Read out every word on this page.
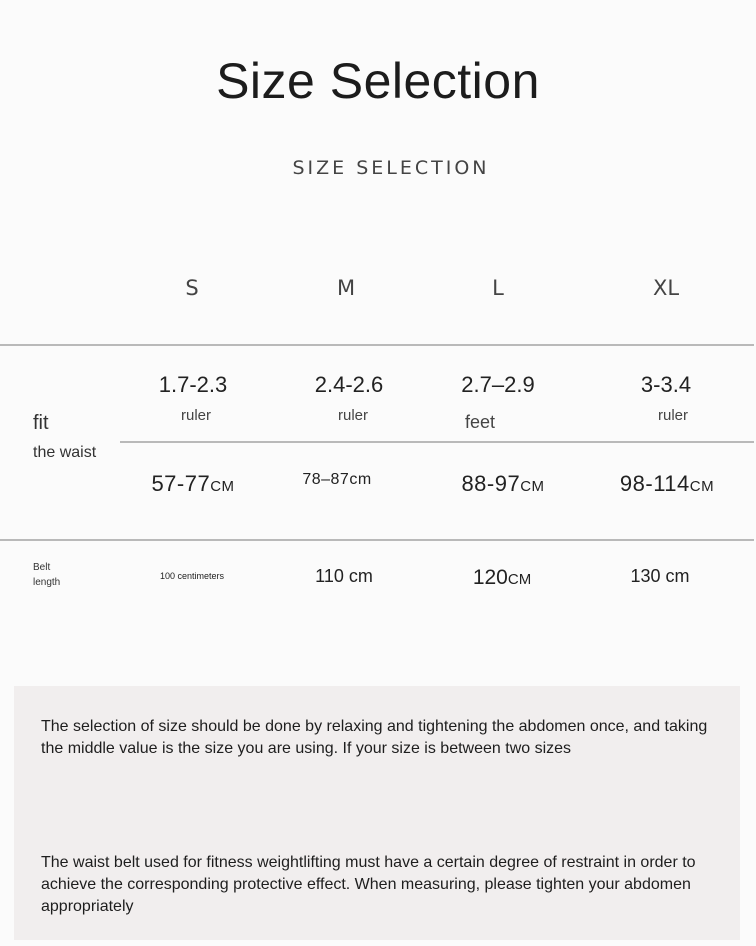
Size Selection
SIZE SELECTION
S	M	L	XL
fit
the waist
1.7-2.3	2.4-2.6	2.7–2.9	3-3.4
ruler	ruler	feet	ruler
57-77CM	78–87cm	88-97CM	98-114CM
Belt
length
100 centimeters	110 cm	120CM	130 cm
The selection of size should be done by relaxing and tightening the abdomen once, and taking the middle value is the size you are using. If your size is between two sizes
The waist belt used for fitness weightlifting must have a certain degree of restraint in order to achieve the corresponding protective effect. When measuring, please tighten your abdomen appropriately
